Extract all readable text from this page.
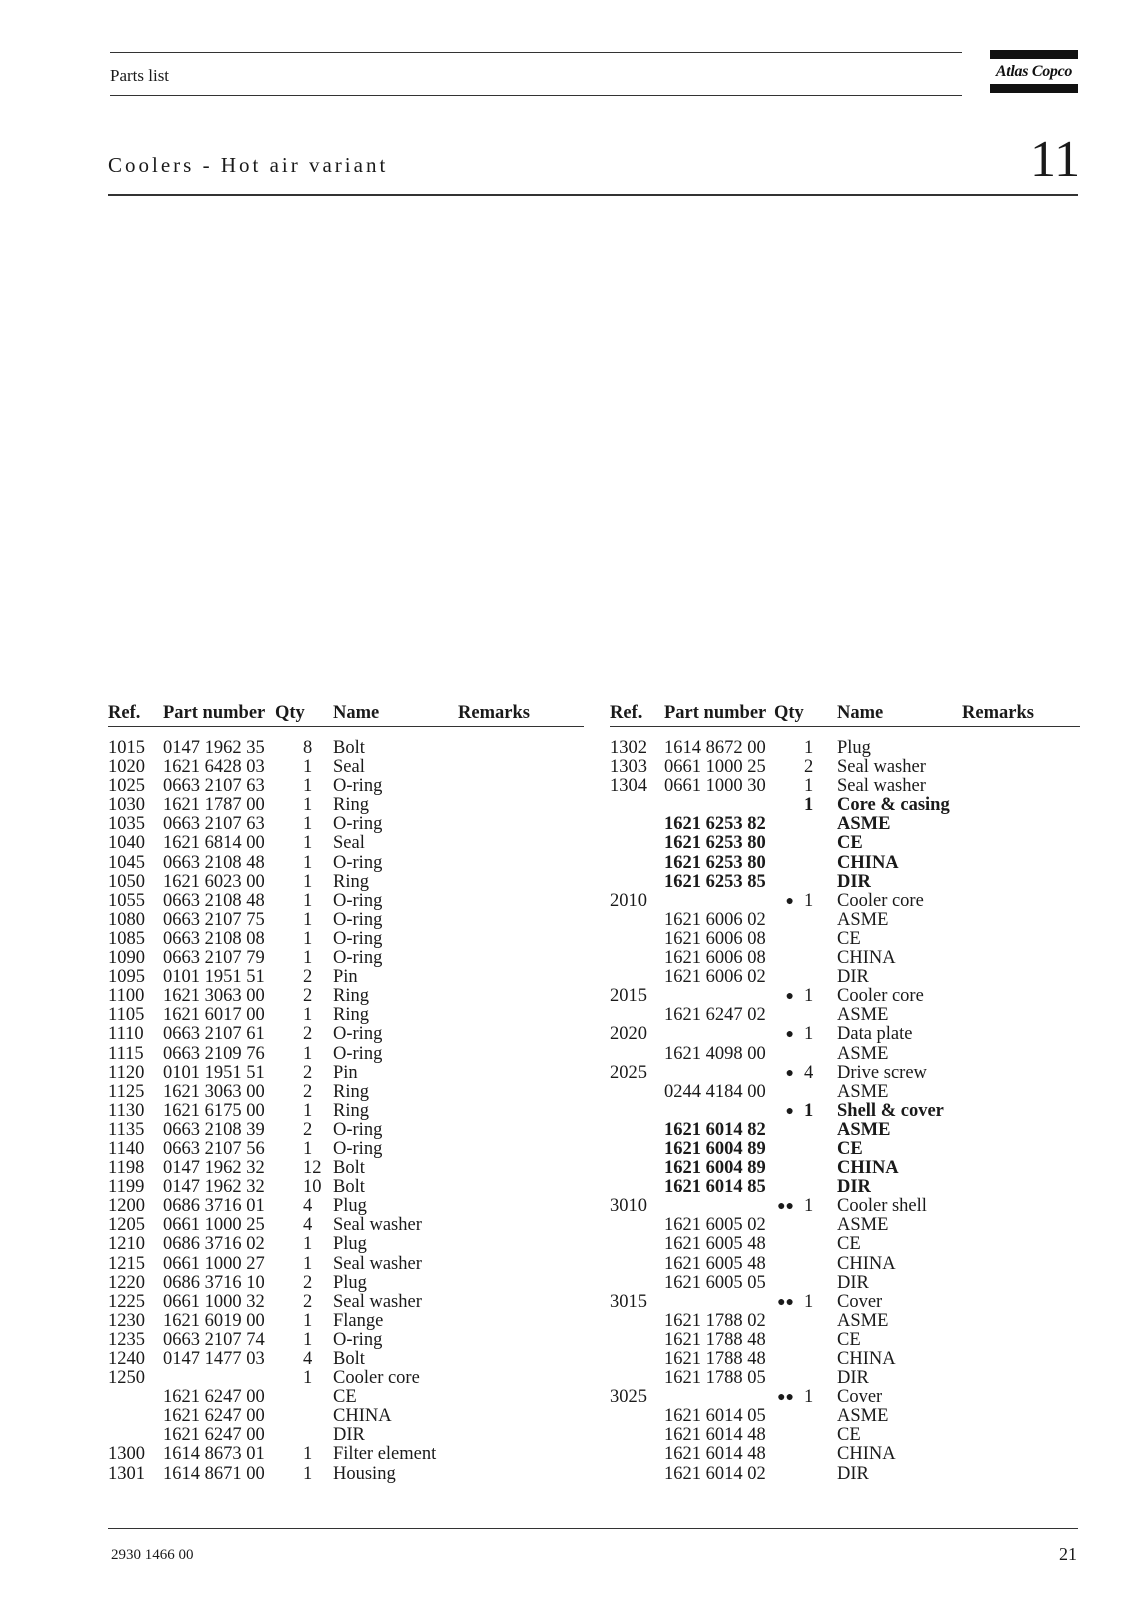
Parts list	Atlas Copco
Coolers - Hot air variant	11
Ref.	Part number		Qty	Name	Remarks

1015	0147 1962 35		8	Bolt	
1020	1621 6428 03		1	Seal	
1025	0663 2107 63		1	O-ring	
1030	1621 1787 00		1	Ring	
1035	0663 2107 63		1	O-ring	
1040	1621 6814 00		1	Seal	
1045	0663 2108 48		1	O-ring	
1050	1621 6023 00		1	Ring	
1055	0663 2108 48		1	O-ring	
1080	0663 2107 75		1	O-ring	
1085	0663 2108 08		1	O-ring	
1090	0663 2107 79		1	O-ring	
1095	0101 1951 51		2	Pin	
1100	1621 3063 00		2	Ring	
1105	1621 6017 00		1	Ring	
1110	0663 2107 61		2	O-ring	
1115	0663 2109 76		1	O-ring	
1120	0101 1951 51		2	Pin	
1125	1621 3063 00		2	Ring	
1130	1621 6175 00		1	Ring	
1135	0663 2108 39		2	O-ring	
1140	0663 2107 56		1	O-ring	
1198	0147 1962 32		12	Bolt	
1199	0147 1962 32		10	Bolt	
1200	0686 3716 01		4	Plug	
1205	0661 1000 25		4	Seal washer	
1210	0686 3716 02		1	Plug	
1215	0661 1000 27		1	Seal washer	
1220	0686 3716 10		2	Plug	
1225	0661 1000 32		2	Seal washer	
1230	1621 6019 00		1	Flange	
1235	0663 2107 74		1	O-ring	
1240	0147 1477 03		4	Bolt	
1250			1	Cooler core	
	1621 6247 00			CE	
	1621 6247 00			CHINA	
	1621 6247 00			DIR	
1300	1614 8673 01		1	Filter element	
1301	1614 8671 00		1	Housing	
Ref.	Part number		Qty	Name	Remarks

1302	1614 8672 00		1	Plug	
1303	0661 1000 25		2	Seal washer	
1304	0661 1000 30		1	Seal washer	
			1	Core & casing	
	1621 6253 82			ASME	
	1621 6253 80			CE	
	1621 6253 80			CHINA	
	1621 6253 85			DIR	
2010		●	1	Cooler core	
	1621 6006 02			ASME	
	1621 6006 08			CE	
	1621 6006 08			CHINA	
	1621 6006 02			DIR	
2015		●	1	Cooler core	
	1621 6247 02			ASME	
2020		●	1	Data plate	
	1621 4098 00			ASME	
2025		●	4	Drive screw	
	0244 4184 00			ASME	
		●	1	Shell & cover	
	1621 6014 82			ASME	
	1621 6004 89			CE	
	1621 6004 89			CHINA	
	1621 6014 85			DIR	
3010		●●	1	Cooler shell	
	1621 6005 02			ASME	
	1621 6005 48			CE	
	1621 6005 48			CHINA	
	1621 6005 05			DIR	
3015		●●	1	Cover	
	1621 1788 02			ASME	
	1621 1788 48			CE	
	1621 1788 48			CHINA	
	1621 1788 05			DIR	
3025		●●	1	Cover	
	1621 6014 05			ASME	
	1621 6014 48			CE	
	1621 6014 48			CHINA	
	1621 6014 02			DIR	
2930 1466 00	21
